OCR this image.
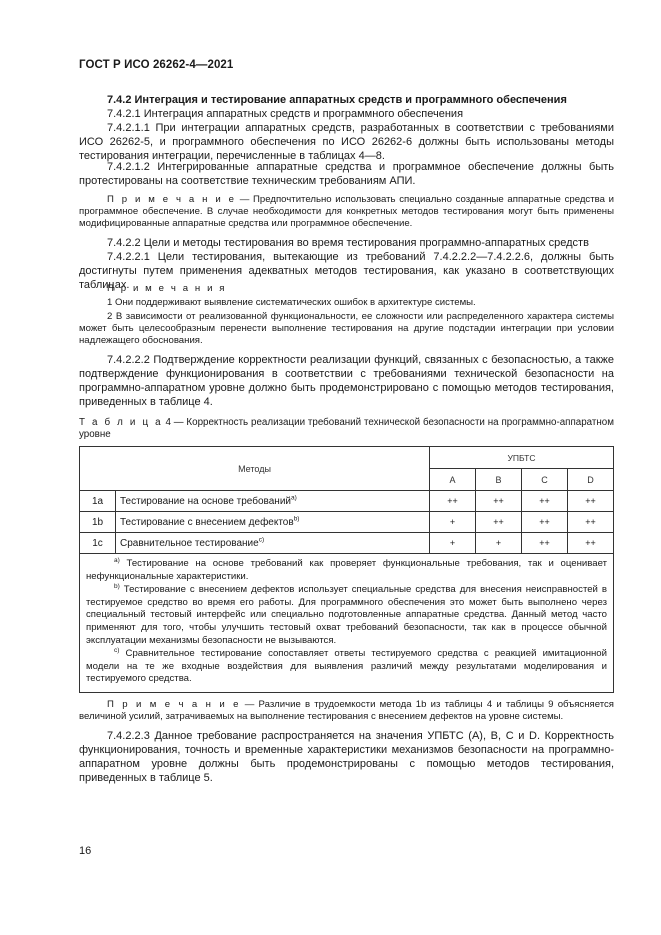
ГОСТ Р ИСО 26262-4—2021
7.4.2 Интеграция и тестирование аппаратных средств и программного обеспечения
7.4.2.1 Интеграция аппаратных средств и программного обеспечения
7.4.2.1.1 При интеграции аппаратных средств, разработанных в соответствии с требованиями ИСО 26262-5, и программного обеспечения по ИСО 26262-6 должны быть использованы методы тестирования интеграции, перечисленные в таблицах 4—8.
7.4.2.1.2 Интегрированные аппаратные средства и программное обеспечение должны быть протестированы на соответствие техническим требованиям АПИ.
П р и м е ч а н и е — Предпочтительно использовать специально созданные аппаратные средства и программное обеспечение. В случае необходимости для конкретных методов тестирования могут быть применены модифицированные аппаратные средства или программное обеспечение.
7.4.2.2 Цели и методы тестирования во время тестирования программно-аппаратных средств
7.4.2.2.1 Цели тестирования, вытекающие из требований 7.4.2.2.2—7.4.2.2.6, должны быть достигнуты путем применения адекватных методов тестирования, как указано в соответствующих таблицах.
П р и м е ч а н и я
1 Они поддерживают выявление систематических ошибок в архитектуре системы.
2 В зависимости от реализованной функциональности, ее сложности или распределенного характера системы может быть целесообразным перенести выполнение тестирования на другие подстадии интеграции при условии надлежащего обоснования.
7.4.2.2.2 Подтверждение корректности реализации функций, связанных с безопасностью, а также подтверждение функционирования в соответствии с требованиями технической безопасности на программно-аппаратном уровне должно быть продемонстрировано с помощью методов тестирования, приведенных в таблице 4.
Т а б л и ц а 4 — Корректность реализации требований технической безопасности на программно-аппаратном уровне
Методы		УПБТС			
		A	B	C	D
1a	Тестирование на основе требований$^{a)}$	++	++	++	++
1b	Тестирование с внесением дефектов$^{b)}$	+	++	++	++
1c	Сравнительное тестирование$^{c)}$	+	+	++	++

$^{a)}$ Тестирование на основе требований как проверяет функциональные требования, так и оценивает нефункциональные характеристики.

$^{b)}$ Тестирование с внесением дефектов использует специальные средства для внесения неисправностей в тестируемое средство во время его работы. Для программного обеспечения это может быть выполнено через специальный тестовый интерфейс или специально подготовленные аппаратные средства. Данный метод часто применяют для того, чтобы улучшить тестовый охват требований безопасности, так как в процессе обычной эксплуатации механизмы безопасности не вызываются.

$^{c)}$ Сравнительное тестирование сопоставляет ответы тестируемого средства с реакцией имитационной модели на те же входные воздействия для выявления различий между результатами моделирования и тестируемого средства.					

П р и м е ч а н и е — Различие в трудоемкости метода 1b из таблицы 4 и таблицы 9 объясняется величиной усилий, затрачиваемых на выполнение тестирования с внесением дефектов на уровне системы.
7.4.2.2.3 Данное требование распространяется на значения УПБТС (A), B, C и D. Корректность функционирования, точность и временные характеристики механизмов безопасности на программно-аппаратном уровне должны быть продемонстрированы с помощью методов тестирования, приведенных в таблице 5.
16
